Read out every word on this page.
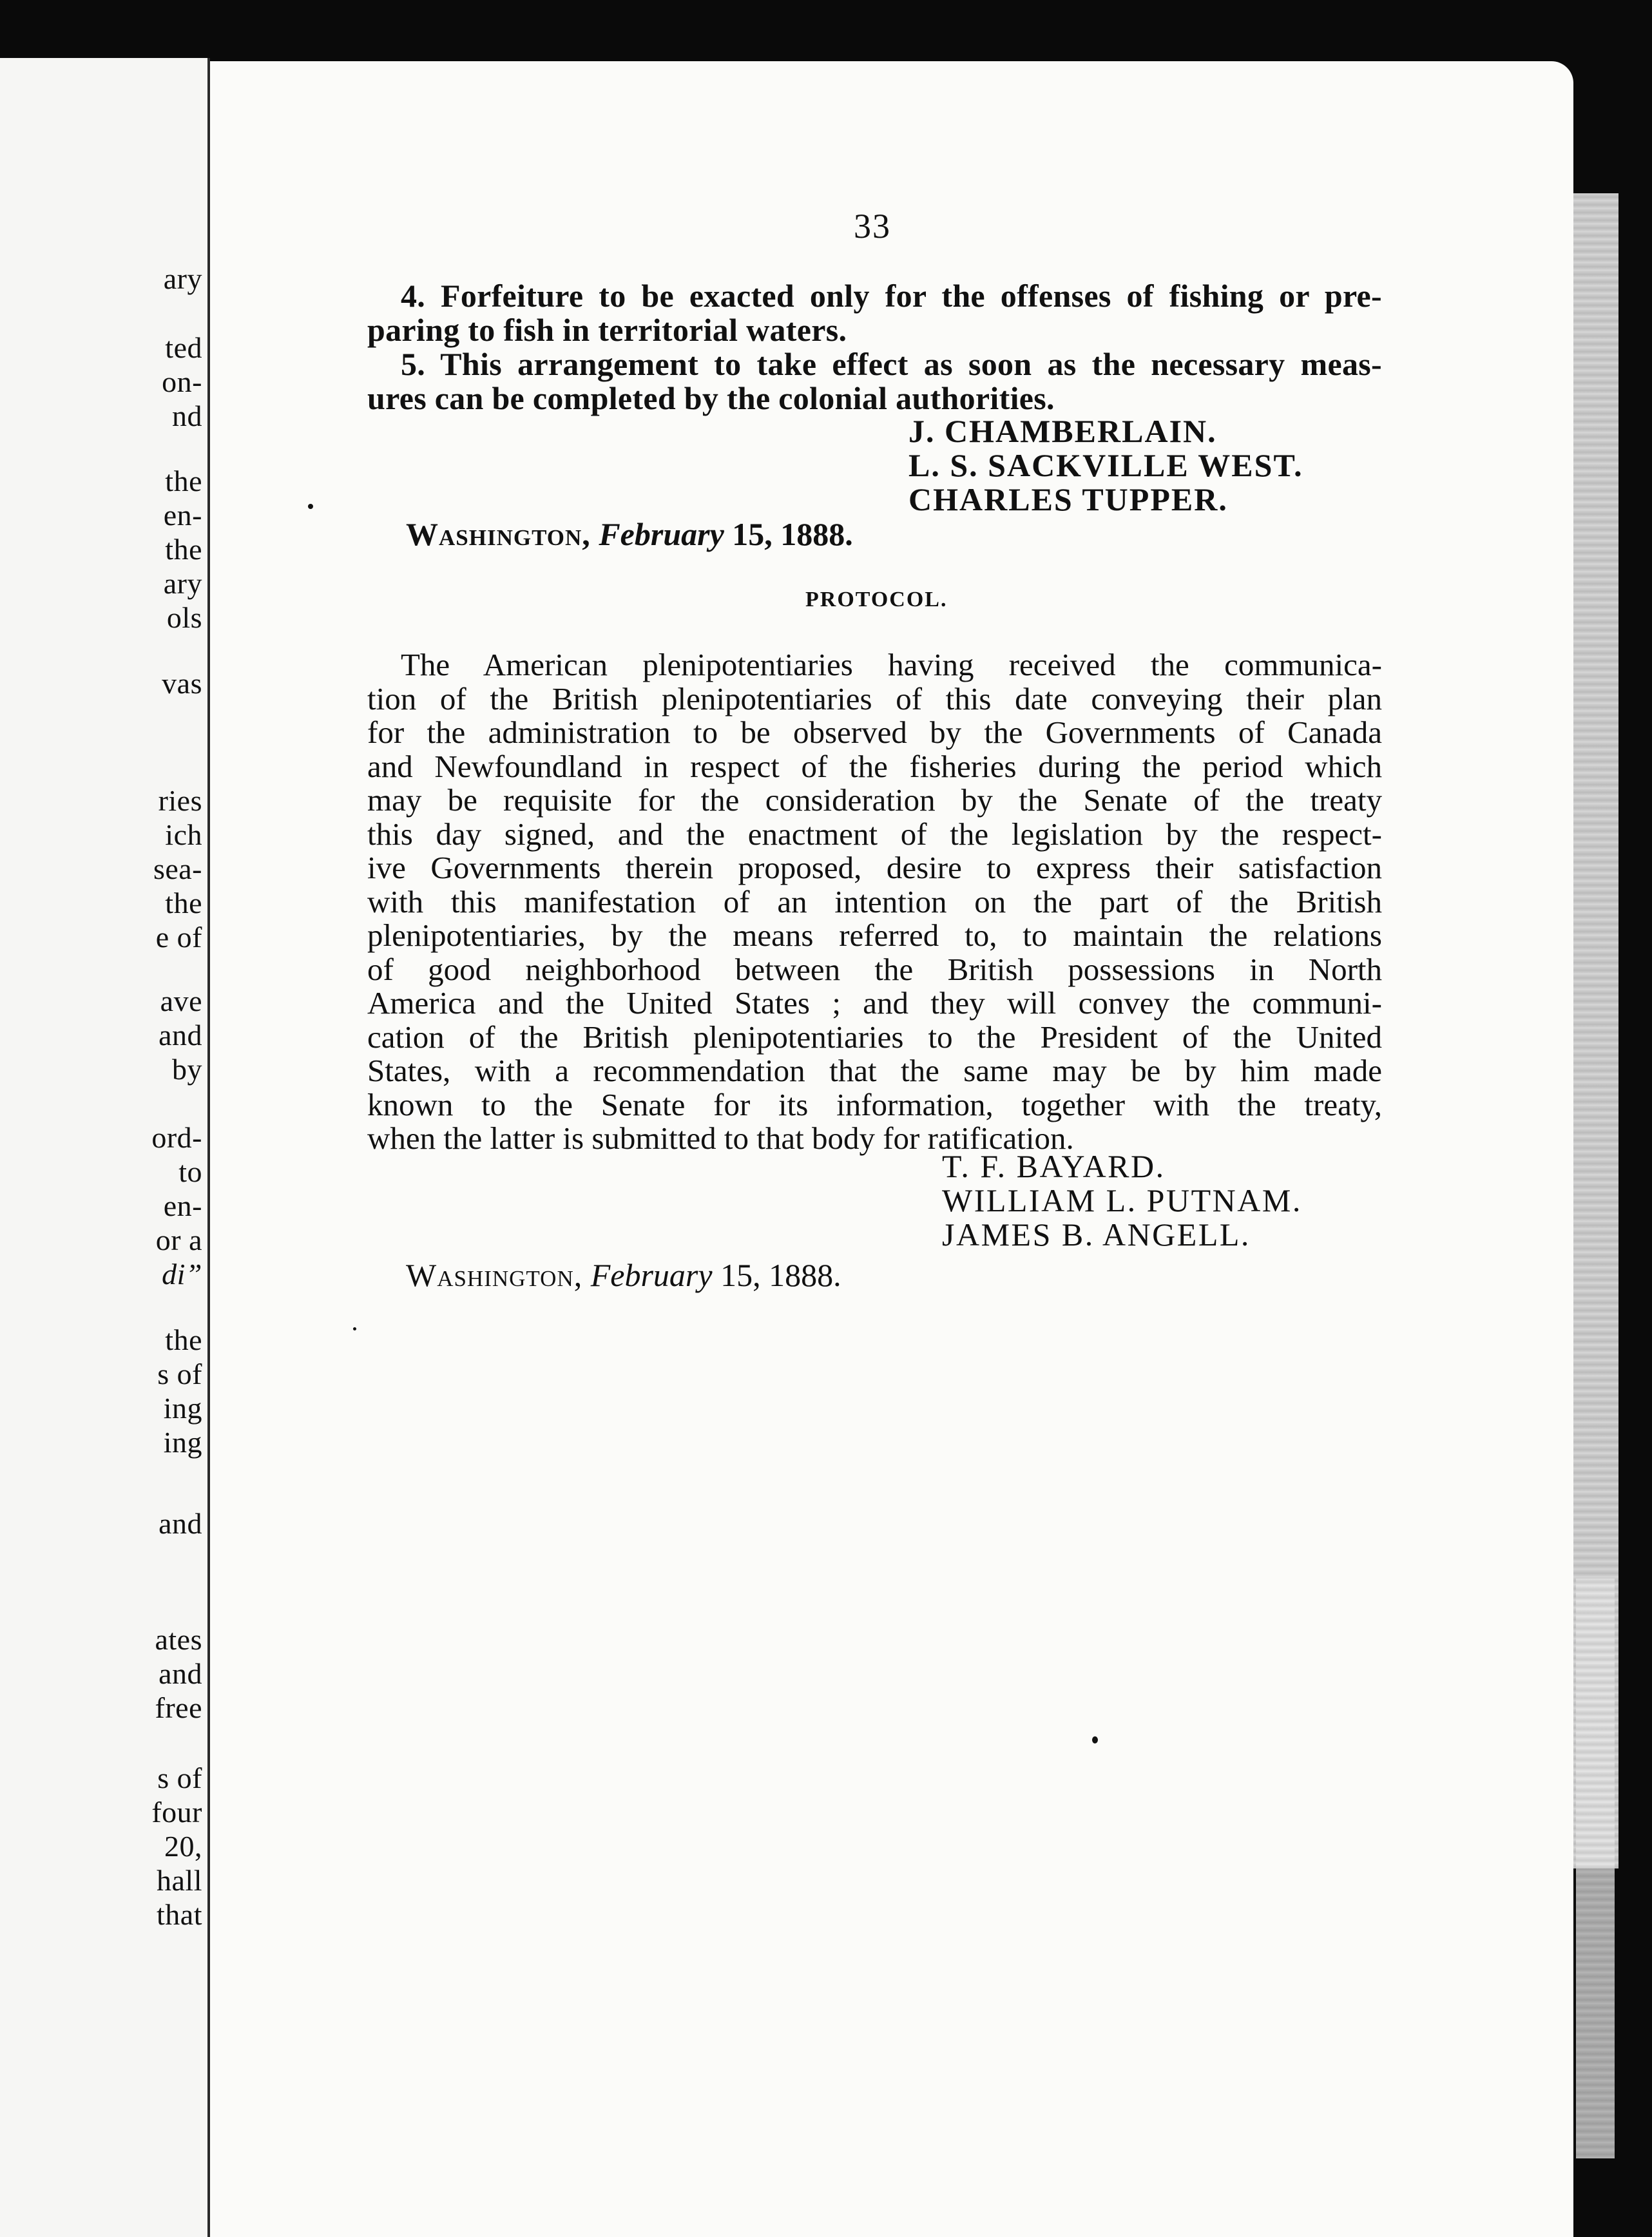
ary
ted
on-
nd
the
en-
the
ary
ols
vas
ries
ich
sea-
the
e of
ave
and
by
ord-
to
en-
or a
di”
the
s of
ing
ing
and
ates
and
free
s of
four
20,
hall
that
33
4. Forfeiture to be exacted only for the offenses of fishing or pre-
paring to fish in territorial waters.
5. This arrangement to take effect as soon as the necessary meas-
ures can be completed by the colonial authorities.
J. CHAMBERLAIN.
L. S. SACKVILLE WEST.
CHARLES TUPPER.
Washington, February 15, 1888.
PROTOCOL.
The American plenipotentiaries having received the communica-
tion of the British plenipotentiaries of this date conveying their plan
for the administration to be observed by the Governments of Canada
and Newfoundland in respect of the fisheries during the period which
may be requisite for the consideration by the Senate of the treaty
this day signed, and the enactment of the legislation by the respect-
ive Governments therein proposed, desire to express their satisfaction
with this manifestation of an intention on the part of the British
plenipotentiaries, by the means referred to, to maintain the relations
of good neighborhood between the British possessions in North
America and the United States ; and they will convey the communi-
cation of the British plenipotentiaries to the President of the United
States, with a recommendation that the same may be by him made
known to the Senate for its information, together with the treaty,
when the latter is submitted to that body for ratification.
T. F. BAYARD.
WILLIAM L. PUTNAM.
JAMES B. ANGELL.
Washington, February 15, 1888.
